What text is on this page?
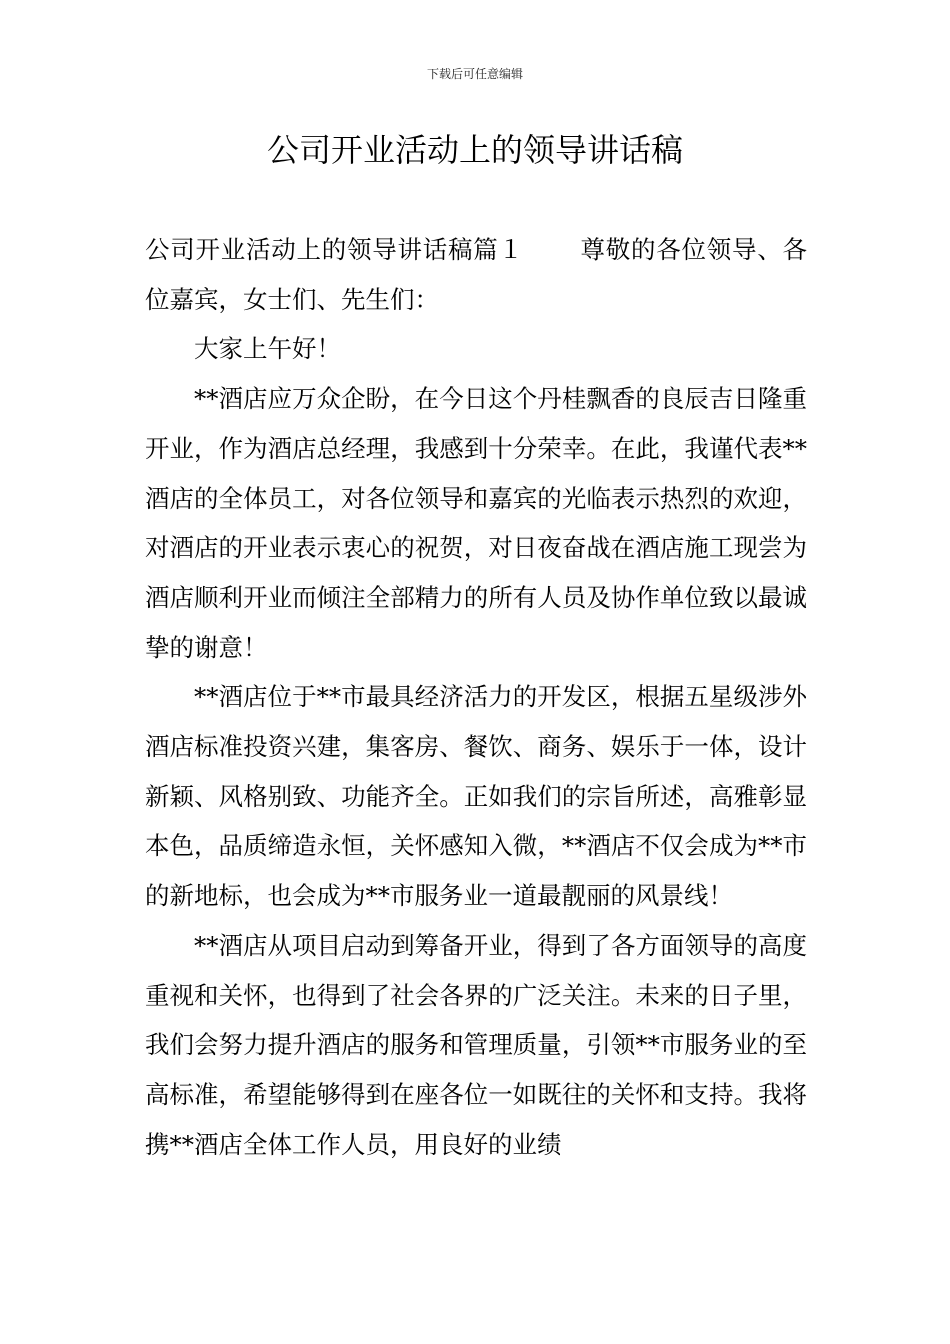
下载后可任意编辑
公司开业活动上的领导讲话稿

公司开业活动上的领导讲话稿篇１ 尊敬的各位领导、各位嘉宾，女士们、先生们：

大家上午好！

**酒店应万众企盼，在今日这个丹桂飘香的良辰吉日隆重开业，作为酒店总经理，我感到十分荣幸。在此，我谨代表**酒店的全体员工，对各位领导和嘉宾的光临表示热烈的欢迎，对酒店的开业表示衷心的祝贺，对日夜奋战在酒店施工现尝为酒店顺利开业而倾注全部精力的所有人员及协作单位致以最诚挚的谢意！

**酒店位于**市最具经济活力的开发区，根据五星级涉外酒店标准投资兴建，集客房、餐饮、商务、娱乐于一体，设计新颖、风格别致、功能齐全。正如我们的宗旨所述，高雅彰显本色，品质缔造永恒，关怀感知入微，**酒店不仅会成为**市的新地标，也会成为**市服务业一道最靓丽的风景线！

**酒店从项目启动到筹备开业，得到了各方面领导的高度重视和关怀，也得到了社会各界的广泛关注。未来的日子里，我们会努力提升酒店的服务和管理质量，引领**市服务业的至高标准，希望能够得到在座各位一如既往的关怀和支持。我将携**酒店全体工作人员，用良好的业绩
